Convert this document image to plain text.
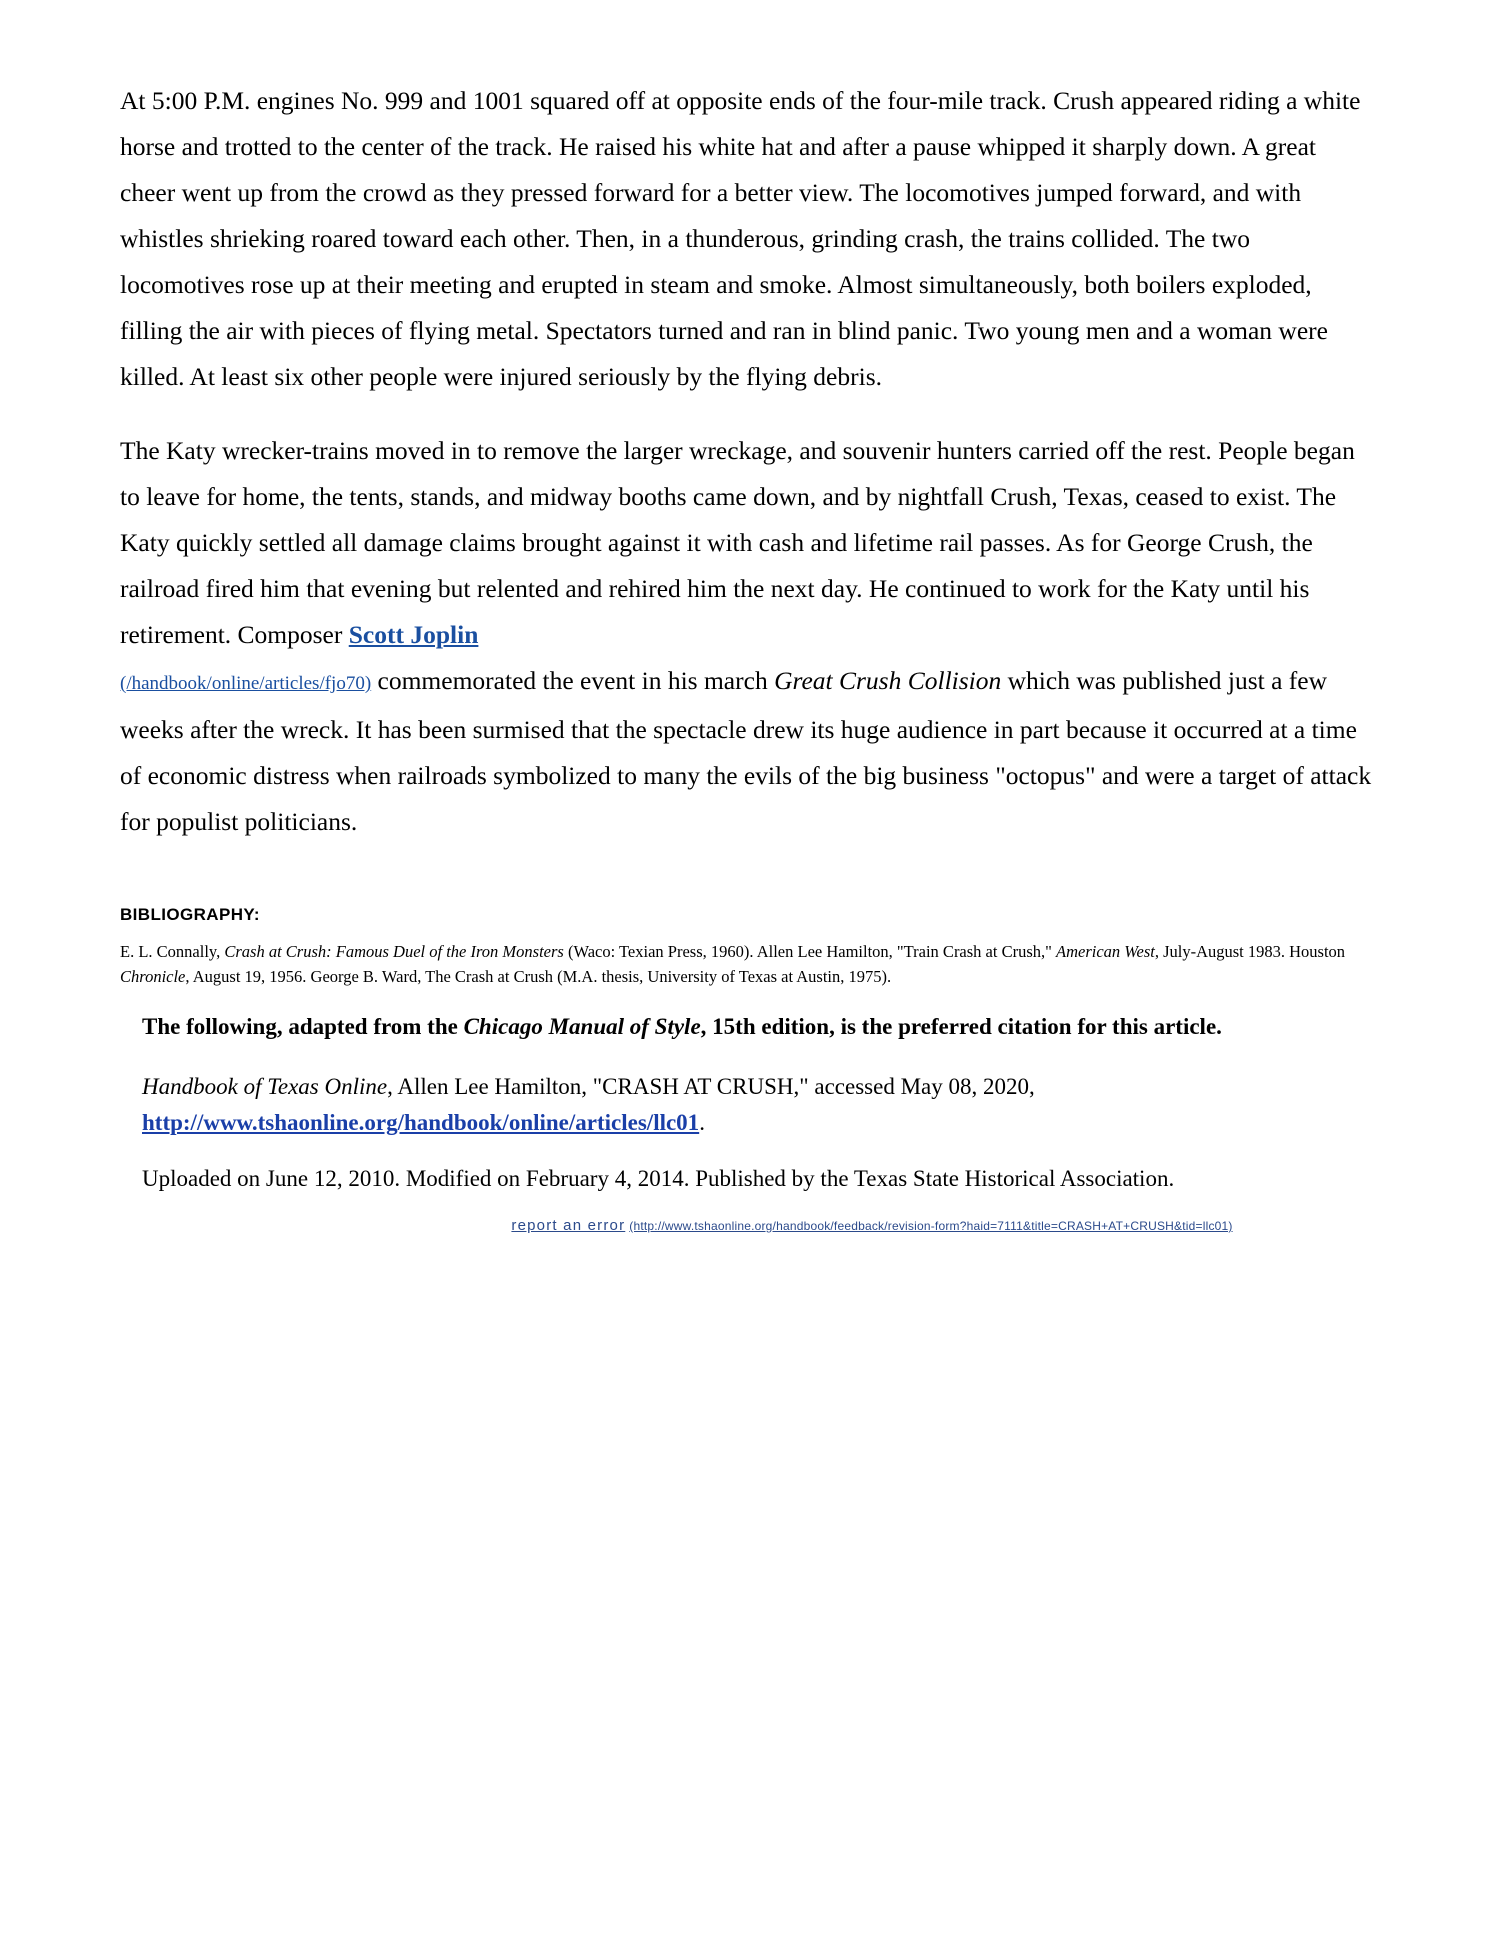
At 5:00 P.M. engines No. 999 and 1001 squared off at opposite ends of the four-mile track. Crush appeared riding a white horse and trotted to the center of the track. He raised his white hat and after a pause whipped it sharply down. A great cheer went up from the crowd as they pressed forward for a better view. The locomotives jumped forward, and with whistles shrieking roared toward each other. Then, in a thunderous, grinding crash, the trains collided. The two locomotives rose up at their meeting and erupted in steam and smoke. Almost simultaneously, both boilers exploded, filling the air with pieces of flying metal. Spectators turned and ran in blind panic. Two young men and a woman were killed. At least six other people were injured seriously by the flying debris.

The Katy wrecker-trains moved in to remove the larger wreckage, and souvenir hunters carried off the rest. People began to leave for home, the tents, stands, and midway booths came down, and by nightfall Crush, Texas, ceased to exist. The Katy quickly settled all damage claims brought against it with cash and lifetime rail passes. As for George Crush, the railroad fired him that evening but relented and rehired him the next day. He continued to work for the Katy until his retirement. Composer Scott Joplin
(/handbook/online/articles/fjo70) commemorated the event in his march Great Crush Collision which was published just a few weeks after the wreck. It has been surmised that the spectacle drew its huge audience in part because it occurred at a time of economic distress when railroads symbolized to many the evils of the big business "octopus" and were a target of attack for populist politicians.

BIBLIOGRAPHY:
E. L. Connally, Crash at Crush: Famous Duel of the Iron Monsters (Waco: Texian Press, 1960). Allen Lee Hamilton, "Train Crash at Crush," American West, July-August 1983. Houston Chronicle, August 19, 1956. George B. Ward, The Crash at Crush (M.A. thesis, University of Texas at Austin, 1975).
The following, adapted from the Chicago Manual of Style, 15th edition, is the preferred citation for this article.
Handbook of Texas Online, Allen Lee Hamilton, "CRASH AT CRUSH," accessed May 08, 2020,
http://www.tshaonline.org/handbook/online/articles/llc01.
Uploaded on June 12, 2010. Modified on February 4, 2014. Published by the Texas State Historical Association.
report an error (http://www.tshaonline.org/handbook/feedback/revision-form?haid=7111&title=CRASH+AT+CRUSH&tid=llc01)
